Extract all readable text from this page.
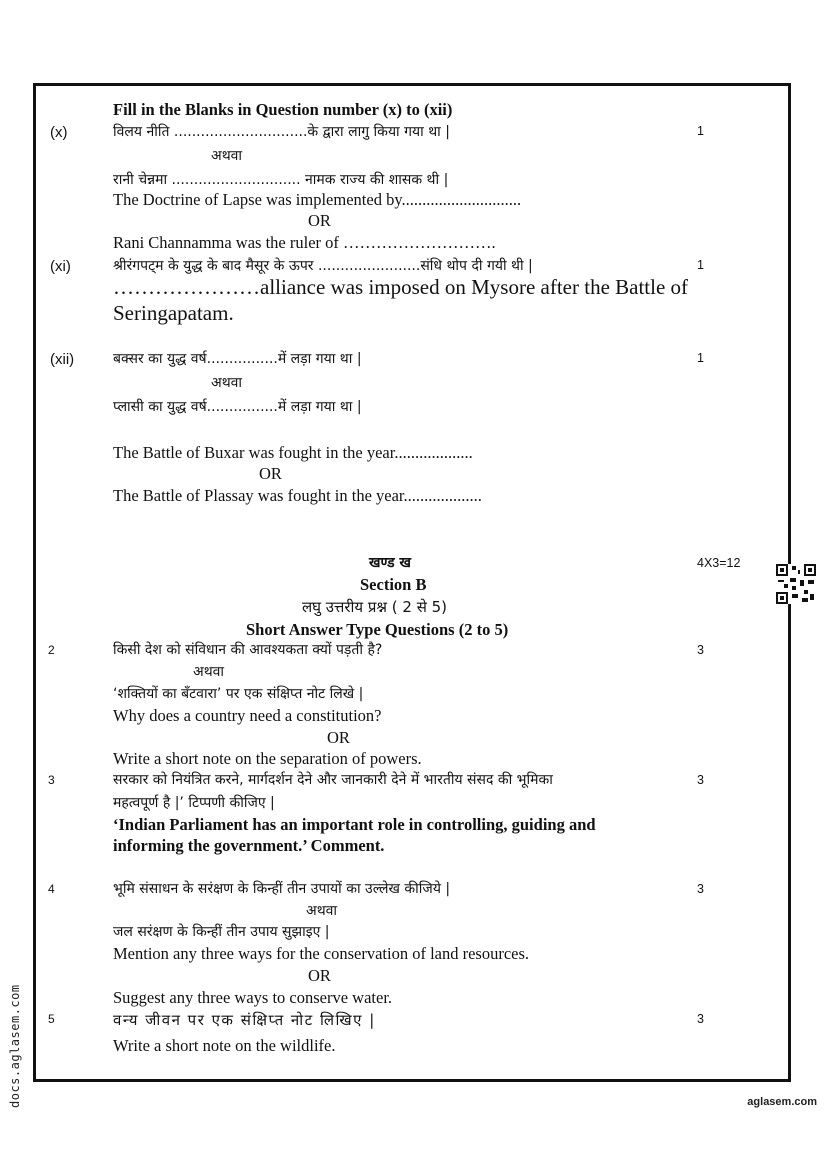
Fill in the Blanks in Question number (x) to (xii)
(x)	विलय नीति ..............................के द्वारा लागु किया गया था |	1
अथवा
रानी चेन्नमा ............................. नामक राज्य की शासक थी |
The Doctrine of Lapse was implemented by.............................
OR
Rani Channamma was the ruler of ……………………….
(xi)	श्रीरंगपट्म के युद्ध के बाद मैसूर के ऊपर .......................संधि थोप दी गयी थी |	1
…………………alliance was imposed on Mysore after the Battle of
Seringapatam.
(xii)	बक्सर का युद्ध वर्ष................में लड़ा गया था |	1
अथवा
प्लासी का युद्ध वर्ष................में लड़ा गया था |
The Battle of Buxar was fought in the year...................
OR
The Battle of Plassay was fought in the year...................
खण्ड ख	4X3=12
Section B
लघु उत्तरीय प्रश्न ( 2 से 5)
Short Answer Type Questions (2 to 5)
2	किसी देश को संविधान की आवश्यकता क्यों पड़ती है?	3
अथवा
‘शक्तियों का बँटवारा’ पर एक संक्षिप्त नोट लिखे |
Why does a country need a constitution?
OR
Write a short note on the separation of powers.
3	सरकार को नियंत्रित करने, मार्गदर्शन देने और जानकारी देने में भारतीय संसद की भूमिका	3
महत्वपूर्ण है |’ टिप्पणी कीजिए |
‘Indian Parliament has an important role in controlling, guiding and
informing the government.’ Comment.
4	भूमि संसाधन के सरंक्षण के किन्हीं तीन उपायों का उल्लेख कीजिये |	3
अथवा
जल सरंक्षण के किन्हीं तीन उपाय सुझाइए |
Mention any three ways for the conservation of land resources.
OR
Suggest any three ways to conserve water.
5	वन्य जीवन पर एक संक्षिप्त नोट लिखिए |	3
Write a short note on the wildlife.
docs.aglasem.com	aglasem.com
